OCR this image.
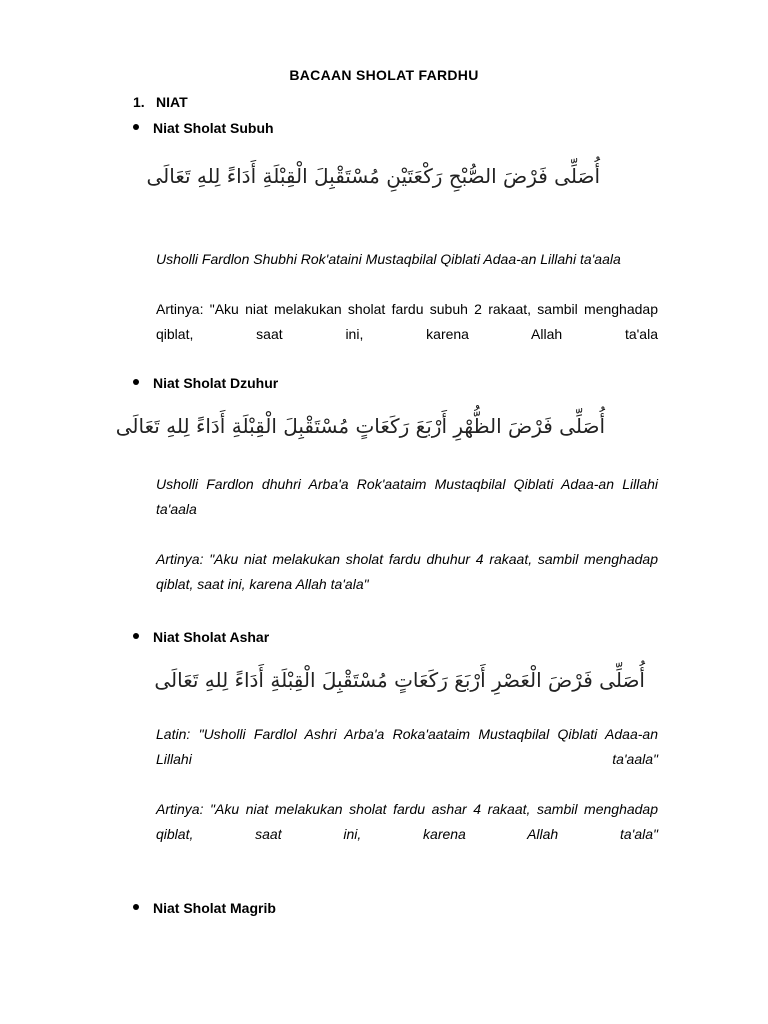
BACAAN SHOLAT FARDHU
1. NIAT
Niat Sholat Subuh
أُصَلِّى فَرْضَ الصُّبْحِ رَكْعَتَيْنِ مُسْتَقْبِلَ الْقِبْلَةِ أَدَاءً لِلهِ تَعَالَى
Usholli Fardlon Shubhi Rok'ataini Mustaqbilal Qiblati Adaa-an Lillahi ta'aala
Artinya: "Aku niat melakukan sholat fardu subuh 2 rakaat, sambil menghadap qiblat, saat ini, karena Allah ta'ala
Niat Sholat Dzuhur
أُصَلِّى فَرْضَ الظُّهْرِ أَرْبَعَ رَكَعَاتٍ مُسْتَقْبِلَ الْقِبْلَةِ أَدَاءً لِلهِ تَعَالَى
Usholli Fardlon dhuhri Arba'a Rok'aataim Mustaqbilal Qiblati Adaa-an Lillahi ta'aala
Artinya: "Aku niat melakukan sholat fardu dhuhur 4 rakaat, sambil menghadap qiblat, saat ini, karena Allah ta'ala"
Niat Sholat Ashar
أُصَلِّى فَرْضَ الْعَصْرِ أَرْبَعَ رَكَعَاتٍ مُسْتَقْبِلَ الْقِبْلَةِ أَدَاءً لِلهِ تَعَالَى
Latin: "Usholli Fardlol Ashri Arba'a Roka'aataim Mustaqbilal Qiblati Adaa-an Lillahi ta'aala"
Artinya: "Aku niat melakukan sholat fardu ashar 4 rakaat, sambil menghadap qiblat, saat ini, karena Allah ta'ala"
Niat Sholat Magrib
